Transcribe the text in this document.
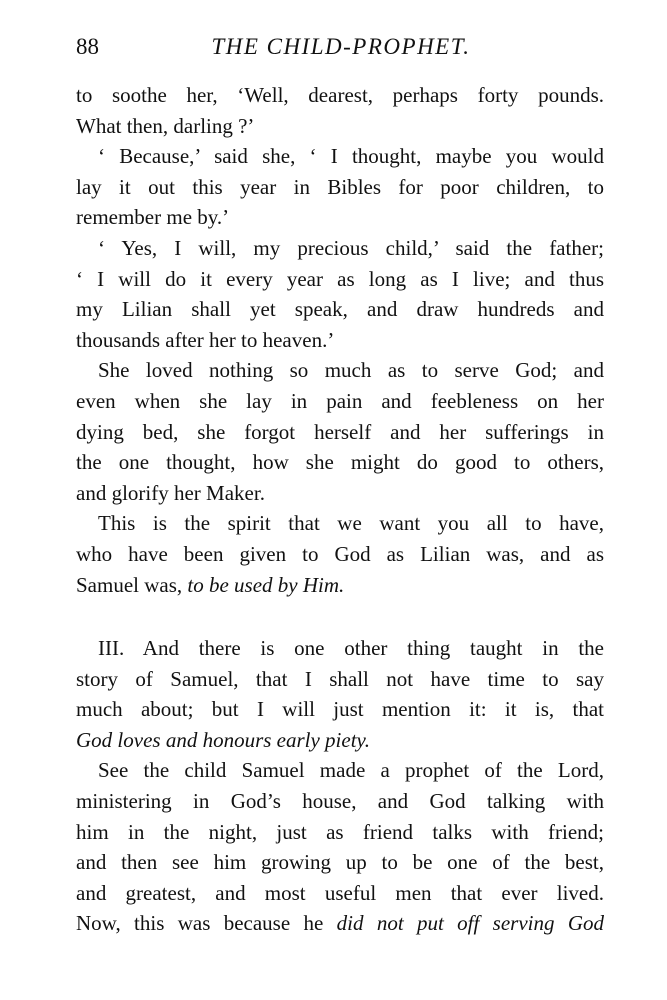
88	THE CHILD-PROPHET.
to soothe her, ‘Well, dearest, perhaps forty pounds.
What then, darling ?’
‘ Because,’ said she, ‘ I thought, maybe you would
lay it out this year in Bibles for poor children, to
remember me by.’
‘ Yes, I will, my precious child,’ said the father;
‘ I will do it every year as long as I live; and thus
my Lilian shall yet speak, and draw hundreds and
thousands after her to heaven.’
She loved nothing so much as to serve God; and
even when she lay in pain and feebleness on her
dying bed, she forgot herself and her sufferings in
the one thought, how she might do good to others,
and glorify her Maker.
This is the spirit that we want you all to have,
who have been given to God as Lilian was, and as
Samuel was, to be used by Him.
III. And there is one other thing taught in the
story of Samuel, that I shall not have time to say
much about; but I will just mention it: it is, that
God loves and honours early piety.
See the child Samuel made a prophet of the Lord,
ministering in God’s house, and God talking with
him in the night, just as friend talks with friend;
and then see him growing up to be one of the best,
and greatest, and most useful men that ever lived.
Now, this was because he did not put off serving God
